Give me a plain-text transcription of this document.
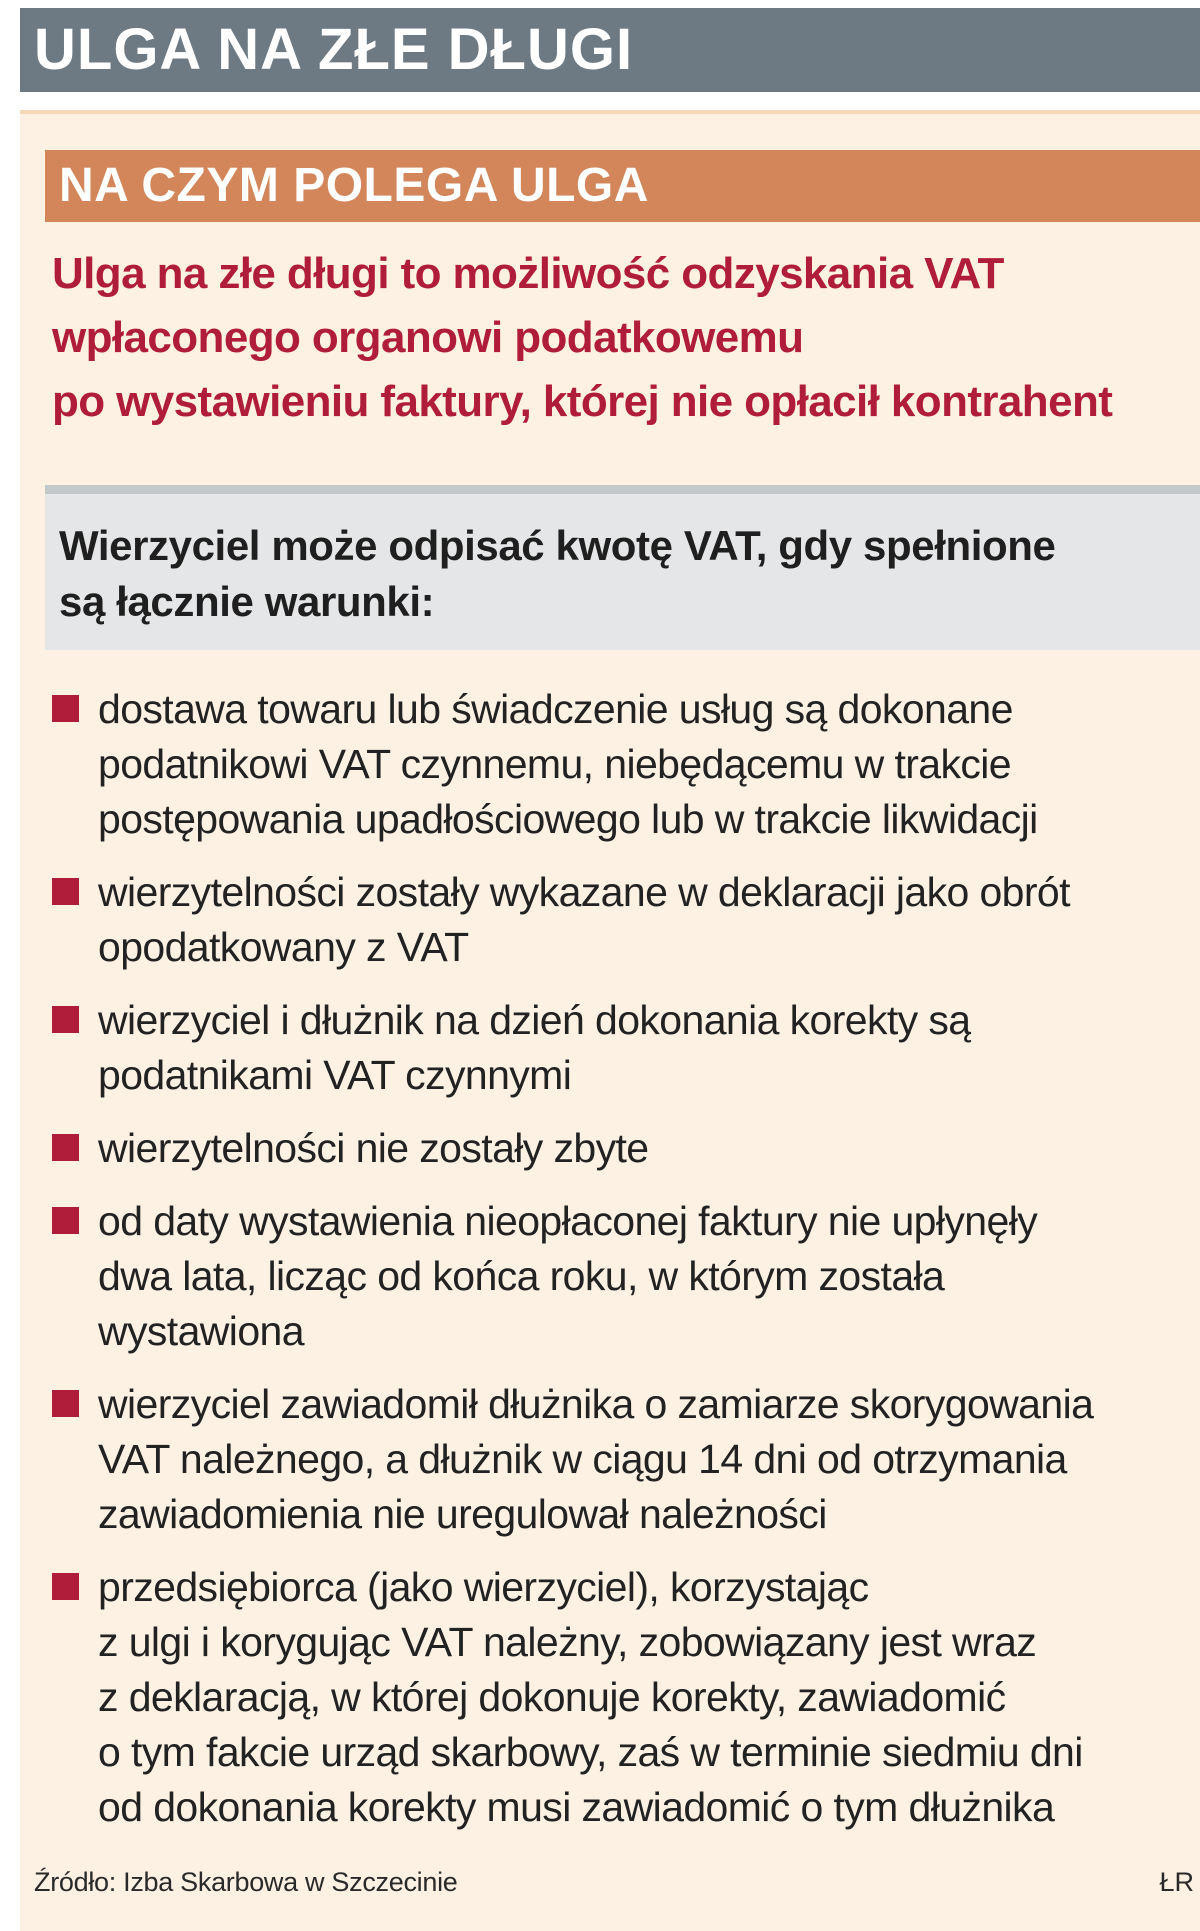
ULGA NA ZŁE DŁUGI
NA CZYM POLEGA ULGA
Ulga na złe długi to możliwość odzyskania VAT
wpłaconego organowi podatkowemu
po wystawieniu faktury, której nie opłacił kontrahent
Wierzyciel może odpisać kwotę VAT, gdy spełnione
są łącznie warunki:
dostawa towaru lub świadczenie usług są dokonane
podatnikowi VAT czynnemu, niebędącemu w trakcie
postępowania upadłościowego lub w trakcie likwidacji
wierzytelności zostały wykazane w deklaracji jako obrót
opodatkowany z VAT
wierzyciel i dłużnik na dzień dokonania korekty są
podatnikami VAT czynnymi
wierzytelności nie zostały zbyte
od daty wystawienia nieopłaconej faktury nie upłynęły
dwa lata, licząc od końca roku, w którym została
wystawiona
wierzyciel zawiadomił dłużnika o zamiarze skorygowania
VAT należnego, a dłużnik w ciągu 14 dni od otrzymania
zawiadomienia nie uregulował należności
przedsiębiorca (jako wierzyciel), korzystając
z ulgi i korygując VAT należny, zobowiązany jest wraz
z deklaracją, w której dokonuje korekty, zawiadomić
o tym fakcie urząd skarbowy, zaś w terminie siedmiu dni
od dokonania korekty musi zawiadomić o tym dłużnika
Źródło: Izba Skarbowa w Szczecinie	ŁR
